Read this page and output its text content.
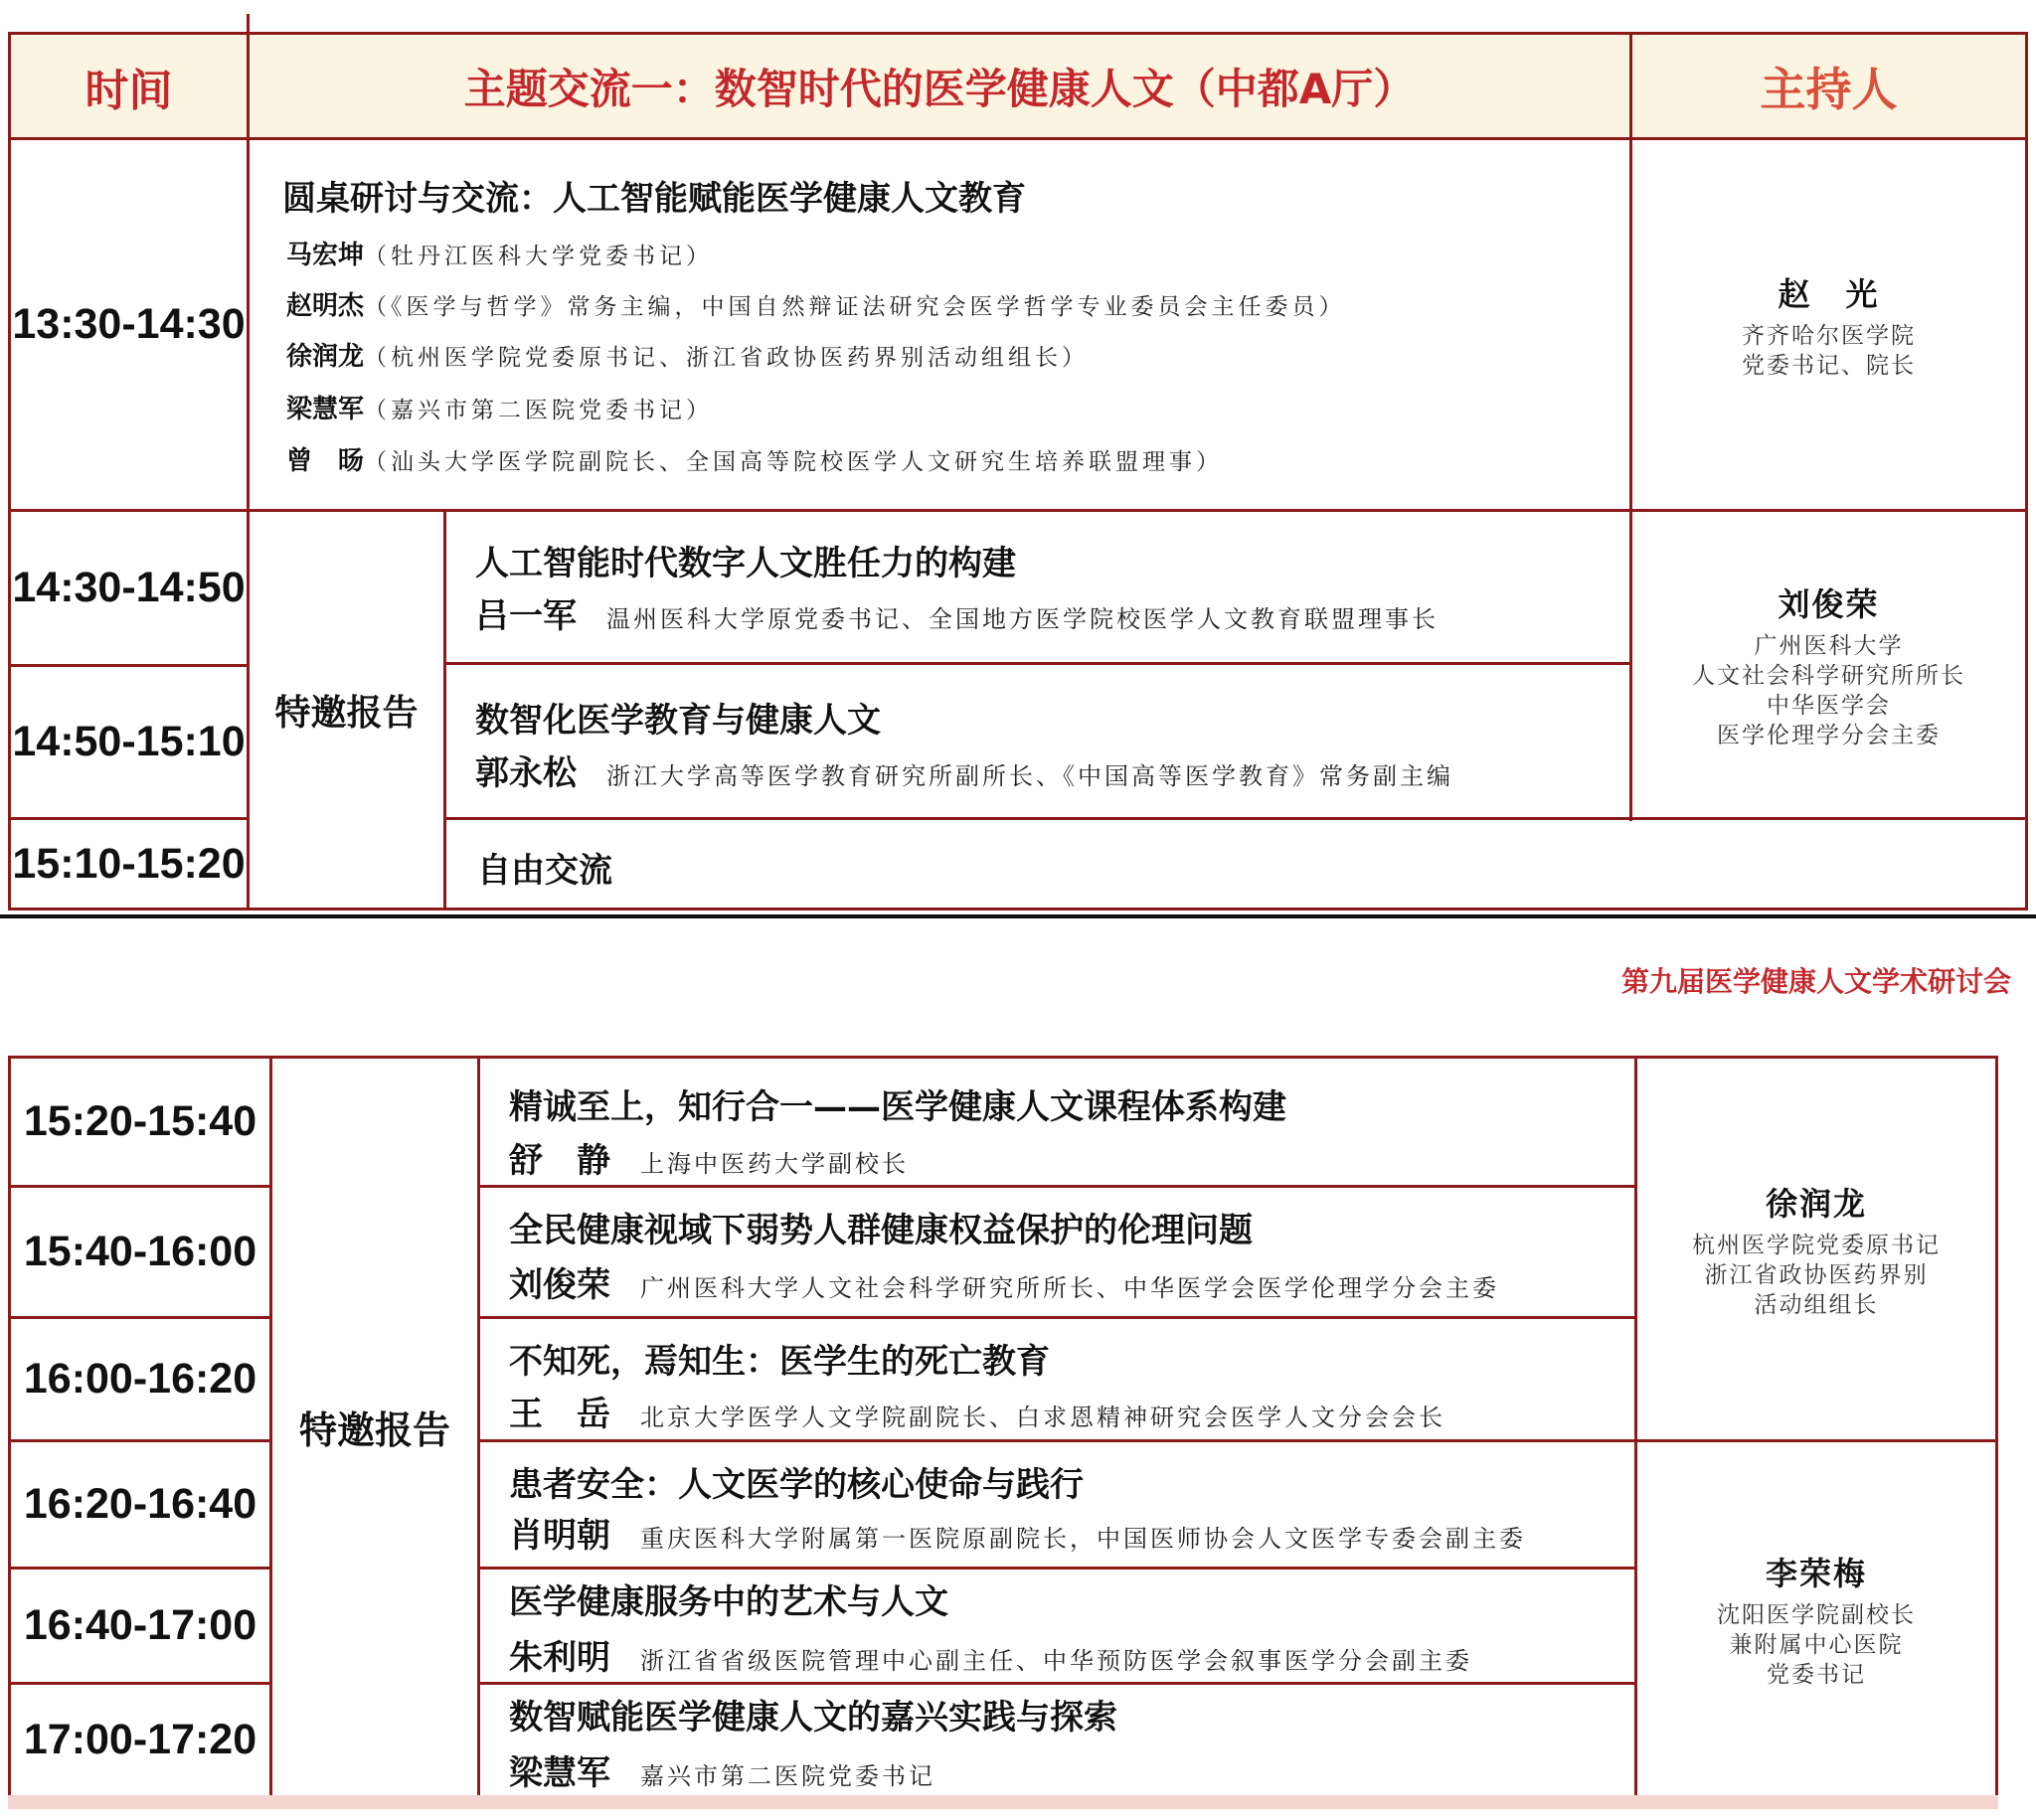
时间	主题交流一：数智时代的医学健康人文（中都A厅）	主持人
13:30-14:30
圆桌研讨与交流：人工智能赋能医学健康人文教育
马宏坤（牡丹江医科大学党委书记）
赵明杰（《医学与哲学》常务主编，中国自然辩证法研究会医学哲学专业委员会主任委员）
徐润龙（杭州医学院党委原书记、浙江省政协医药界别活动组组长）
梁慧军（嘉兴市第二医院党委书记）
曾　旸（汕头大学医学院副院长、全国高等院校医学人文研究生培养联盟理事）
赵　光
齐齐哈尔医学院
党委书记、院长
14:30-14:50
14:50-15:10
15:10-15:20
特邀报告
人工智能时代数字人文胜任力的构建
吕一军 温州医科大学原党委书记、全国地方医学院校医学人文教育联盟理事长
数智化医学教育与健康人文
郭永松 浙江大学高等医学教育研究所副所长、《中国高等医学教育》常务副主编
刘俊荣
广州医科大学
人文社会科学研究所所长
中华医学会
医学伦理学分会主委
自由交流
第九届医学健康人文学术研讨会
15:20-15:40
15:40-16:00
16:00-16:20
16:20-16:40
16:40-17:00
17:00-17:20
特邀报告
精诚至上，知行合一——医学健康人文课程体系构建
舒　静 上海中医药大学副校长
全民健康视域下弱势人群健康权益保护的伦理问题
刘俊荣 广州医科大学人文社会科学研究所所长、中华医学会医学伦理学分会主委
不知死，焉知生：医学生的死亡教育
王　岳 北京大学医学人文学院副院长、白求恩精神研究会医学人文分会会长
患者安全：人文医学的核心使命与践行
肖明朝 重庆医科大学附属第一医院原副院长，中国医师协会人文医学专委会副主委
医学健康服务中的艺术与人文
朱利明 浙江省省级医院管理中心副主任、中华预防医学会叙事医学分会副主委
数智赋能医学健康人文的嘉兴实践与探索
梁慧军 嘉兴市第二医院党委书记
徐润龙
杭州医学院党委原书记
浙江省政协医药界别
活动组组长
李荣梅
沈阳医学院副校长
兼附属中心医院
党委书记
